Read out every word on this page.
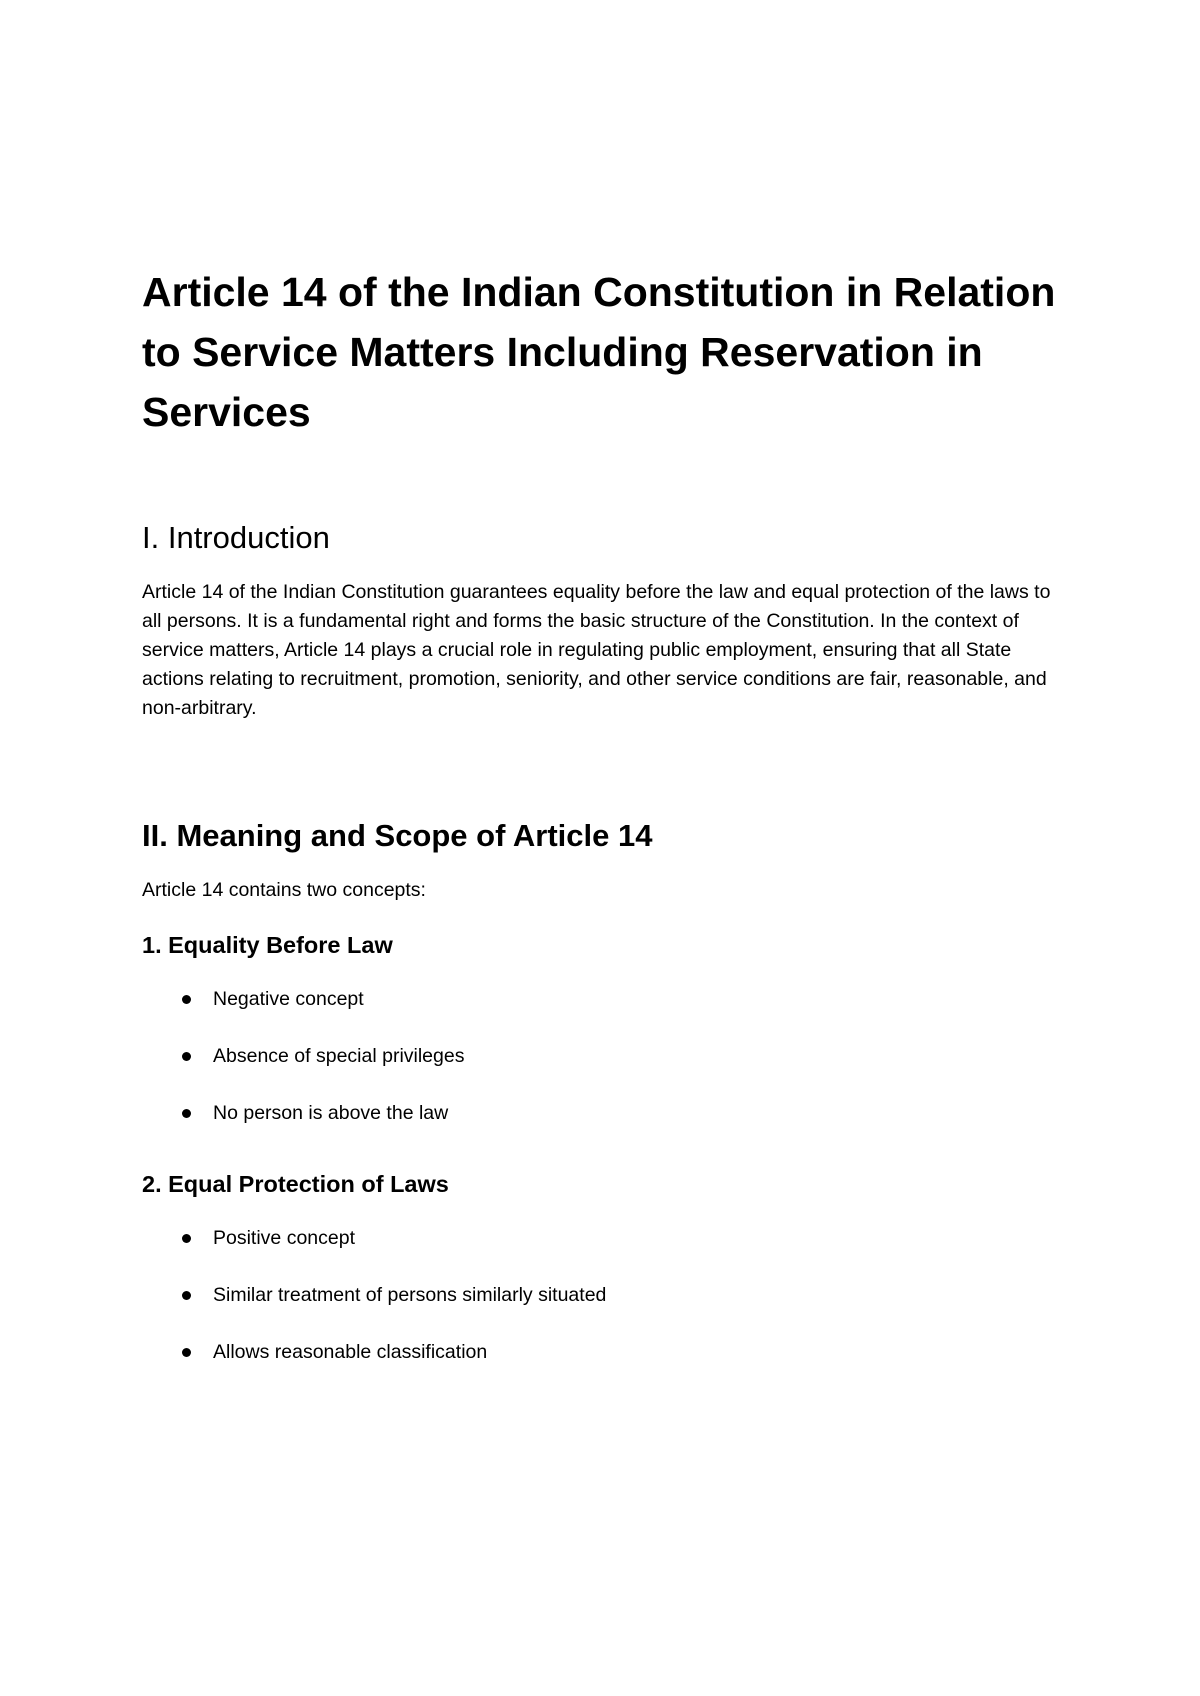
Article 14 of the Indian Constitution in Relation to Service Matters Including Reservation in Services
I. Introduction

Article 14 of the Indian Constitution guarantees equality before the law and equal protection of the laws to all persons. It is a fundamental right and forms the basic structure of the Constitution. In the context of service matters, Article 14 plays a crucial role in regulating public employment, ensuring that all State actions relating to recruitment, promotion, seniority, and other service conditions are fair, reasonable, and non-arbitrary.

II. Meaning and Scope of Article 14

Article 14 contains two concepts:

1. Equality Before Law
Negative concept
Absence of special privileges
No person is above the law
2. Equal Protection of Laws
Positive concept
Similar treatment of persons similarly situated
Allows reasonable classification
